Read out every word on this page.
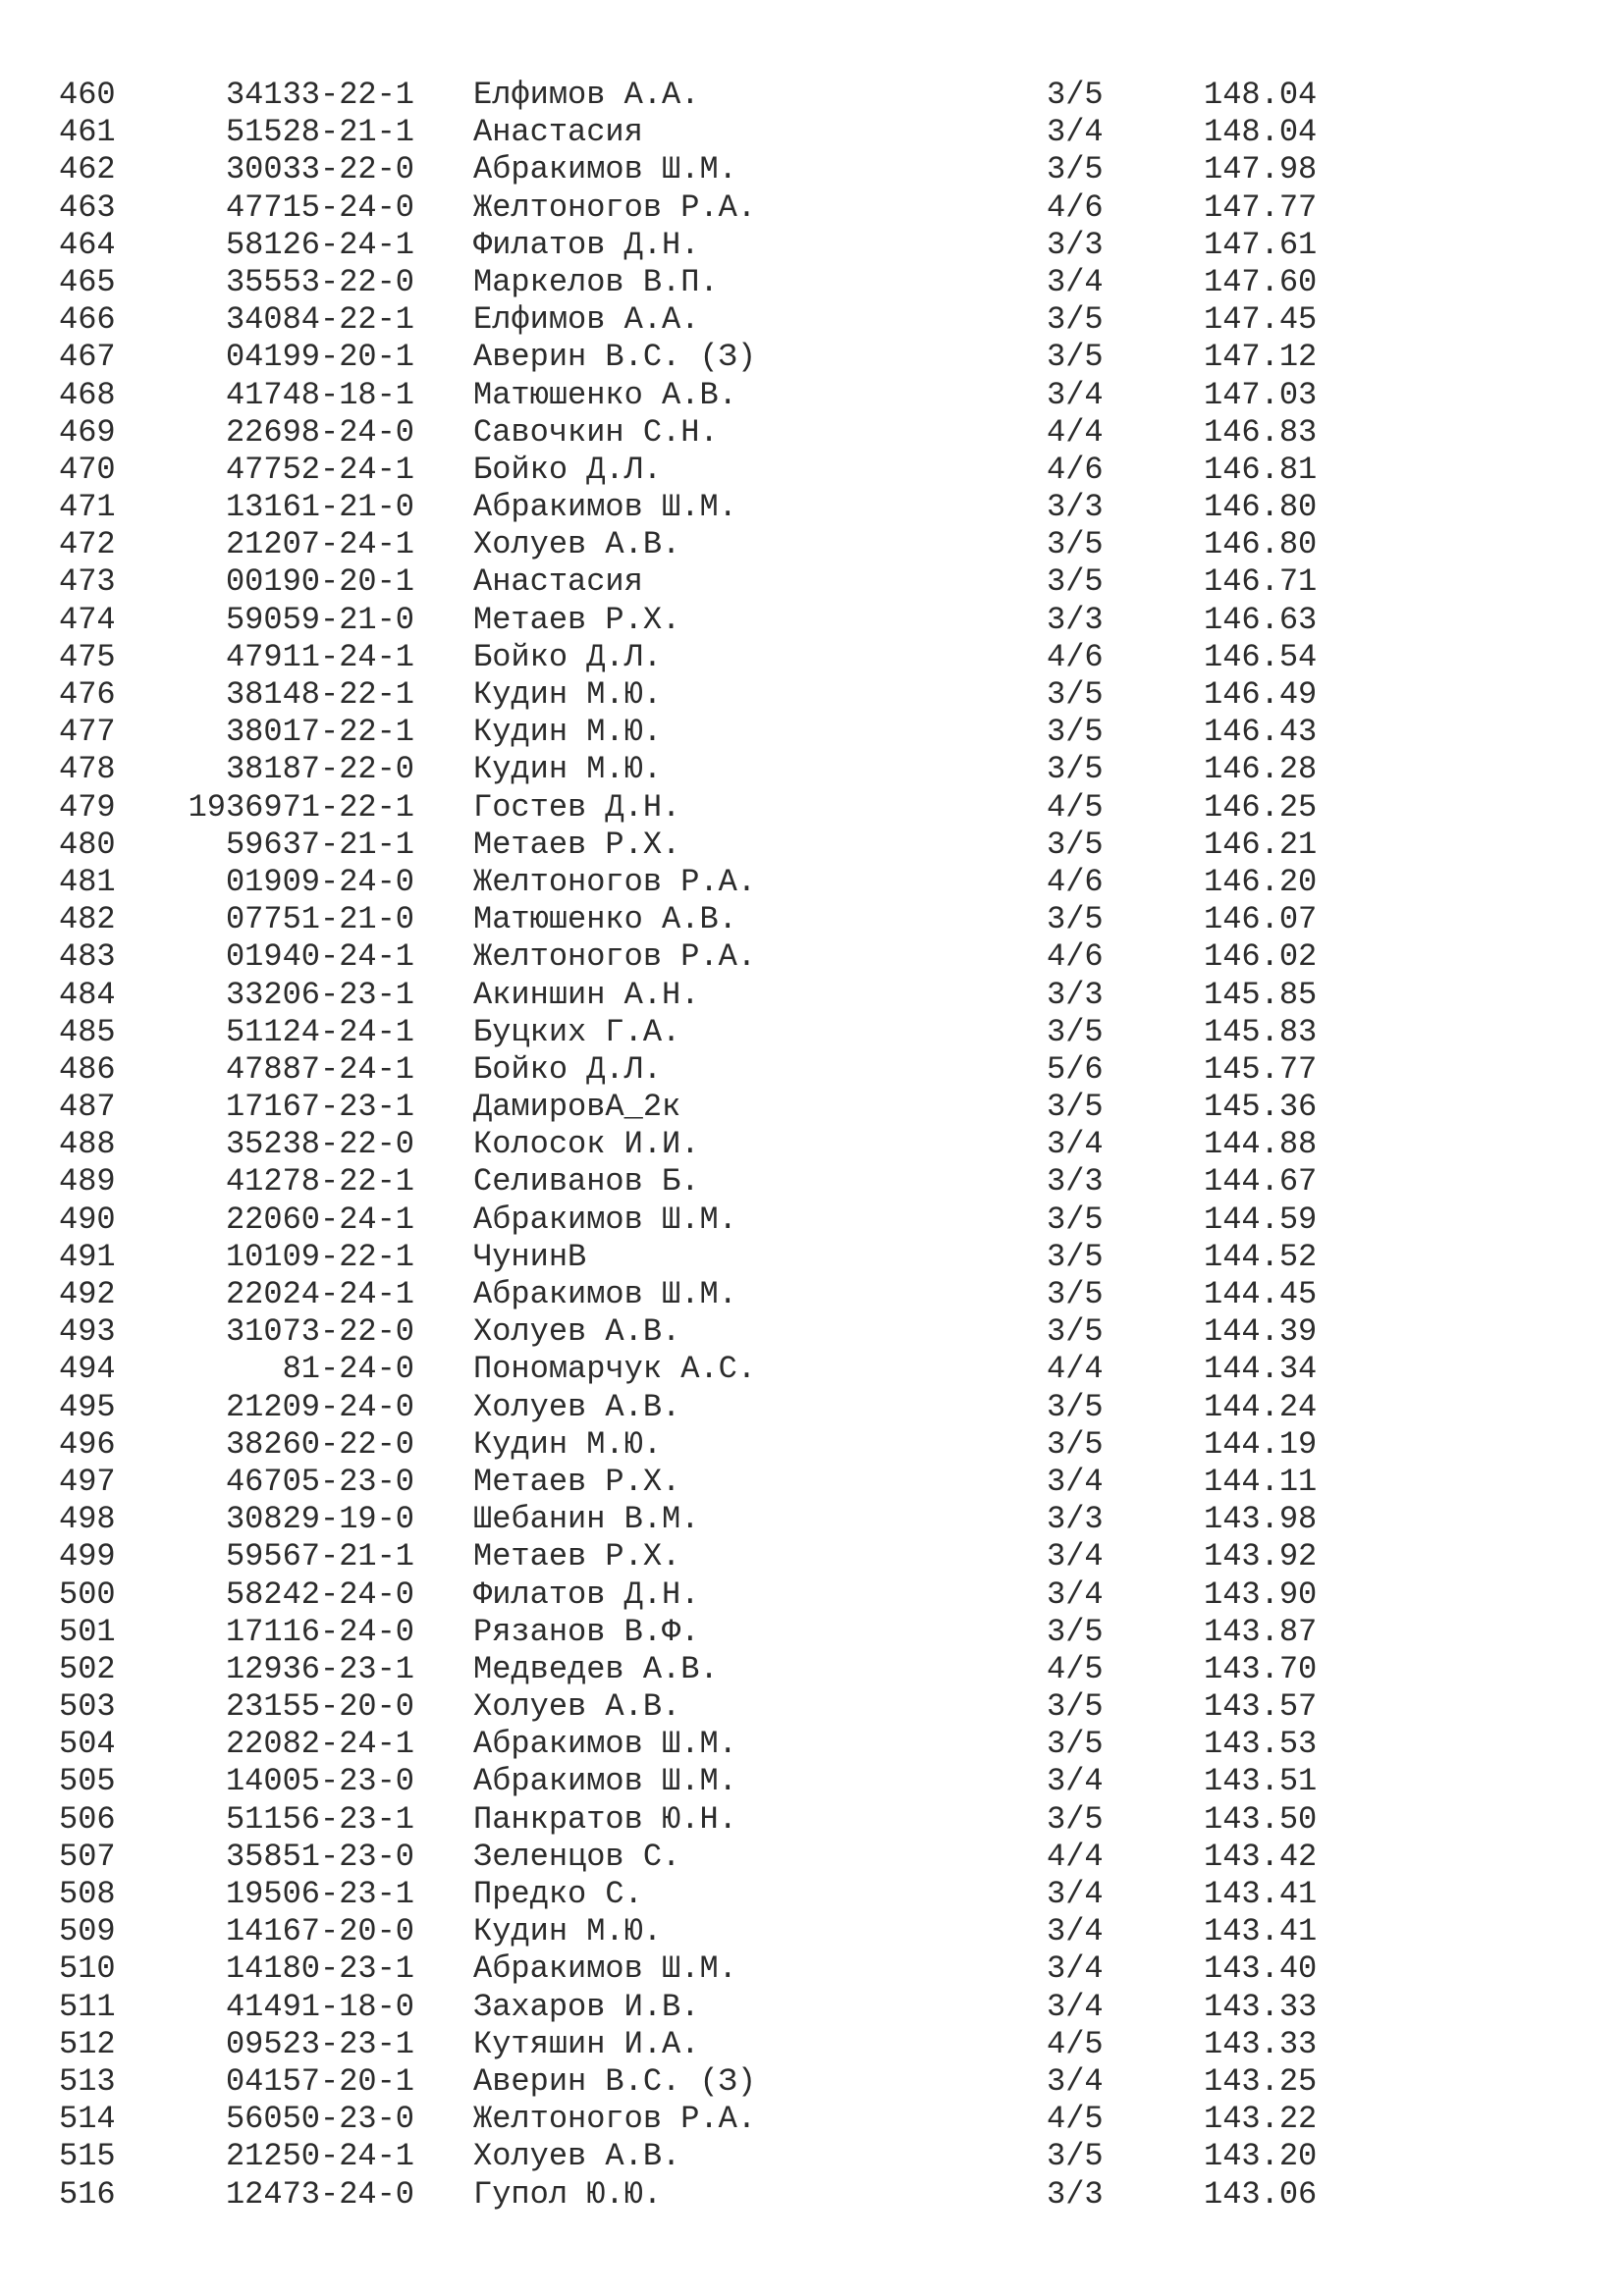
460	34133-22-1 Елфимов А.А.	3/5	148.04
461	51528-21-1 Анастасия	3/4	148.04
462	30033-22-0 Абракимов Ш.М.	3/5	147.98
463	47715-24-0 Желтоногов Р.А.	4/6	147.77
464	58126-24-1 Филатов Д.Н.	3/3	147.61
465	35553-22-0 Маркелов В.П.	3/4	147.60
466	34084-22-1 Елфимов А.А.	3/5	147.45
467	04199-20-1 Аверин В.С. (З)	3/5	147.12
468	41748-18-1 Матюшенко А.В.	3/4	147.03
469	22698-24-0 Савочкин С.Н.	4/4	146.83
470	47752-24-1 Бойко Д.Л.	4/6	146.81
471	13161-21-0 Абракимов Ш.М.	3/3	146.80
472	21207-24-1 Холуев А.В.	3/5	146.80
473	00190-20-1 Анастасия	3/5	146.71
474	59059-21-0 Метаев Р.Х.	3/3	146.63
475	47911-24-1 Бойко Д.Л.	4/6	146.54
476	38148-22-1 Кудин М.Ю.	3/5	146.49
477	38017-22-1 Кудин М.Ю.	3/5	146.43
478	38187-22-0 Кудин М.Ю.	3/5	146.28
479	1936971-22-1 Гостев Д.Н.	4/5	146.25
480	59637-21-1 Метаев Р.Х.	3/5	146.21
481	01909-24-0 Желтоногов Р.А.	4/6	146.20
482	07751-21-0 Матюшенко А.В.	3/5	146.07
483	01940-24-1 Желтоногов Р.А.	4/6	146.02
484	33206-23-1 Акиншин А.Н.	3/3	145.85
485	51124-24-1 Буцких Г.А.	3/5	145.83
486	47887-24-1 Бойко Д.Л.	5/6	145.77
487	17167-23-1 ДамировА_2к	3/5	145.36
488	35238-22-0 Колосок И.И.	3/4	144.88
489	41278-22-1 Селиванов Б.	3/3	144.67
490	22060-24-1 Абракимов Ш.М.	3/5	144.59
491	10109-22-1 ЧунинВ	3/5	144.52
492	22024-24-1 Абракимов Ш.М.	3/5	144.45
493	31073-22-0 Холуев А.В.	3/5	144.39
494	81-24-0 Пономарчук А.С.	4/4	144.34
495	21209-24-0 Холуев А.В.	3/5	144.24
496	38260-22-0 Кудин М.Ю.	3/5	144.19
497	46705-23-0 Метаев Р.Х.	3/4	144.11
498	30829-19-0 Шебанин В.М.	3/3	143.98
499	59567-21-1 Метаев Р.Х.	3/4	143.92
500	58242-24-0 Филатов Д.Н.	3/4	143.90
501	17116-24-0 Рязанов В.Ф.	3/5	143.87
502	12936-23-1 Медведев А.В.	4/5	143.70
503	23155-20-0 Холуев А.В.	3/5	143.57
504	22082-24-1 Абракимов Ш.М.	3/5	143.53
505	14005-23-0 Абракимов Ш.М.	3/4	143.51
506	51156-23-1 Панкратов Ю.Н.	3/5	143.50
507	35851-23-0 Зеленцов С.	4/4	143.42
508	19506-23-1 Предко С.	3/4	143.41
509	14167-20-0 Кудин М.Ю.	3/4	143.41
510	14180-23-1 Абракимов Ш.М.	3/4	143.40
511	41491-18-0 Захаров И.В.	3/4	143.33
512	09523-23-1 Кутяшин И.А.	4/5	143.33
513	04157-20-1 Аверин В.С. (З)	3/4	143.25
514	56050-23-0 Желтоногов Р.А.	4/5	143.22
515	21250-24-1 Холуев А.В.	3/5	143.20
516	12473-24-0 Гупол Ю.Ю.	3/3	143.06
